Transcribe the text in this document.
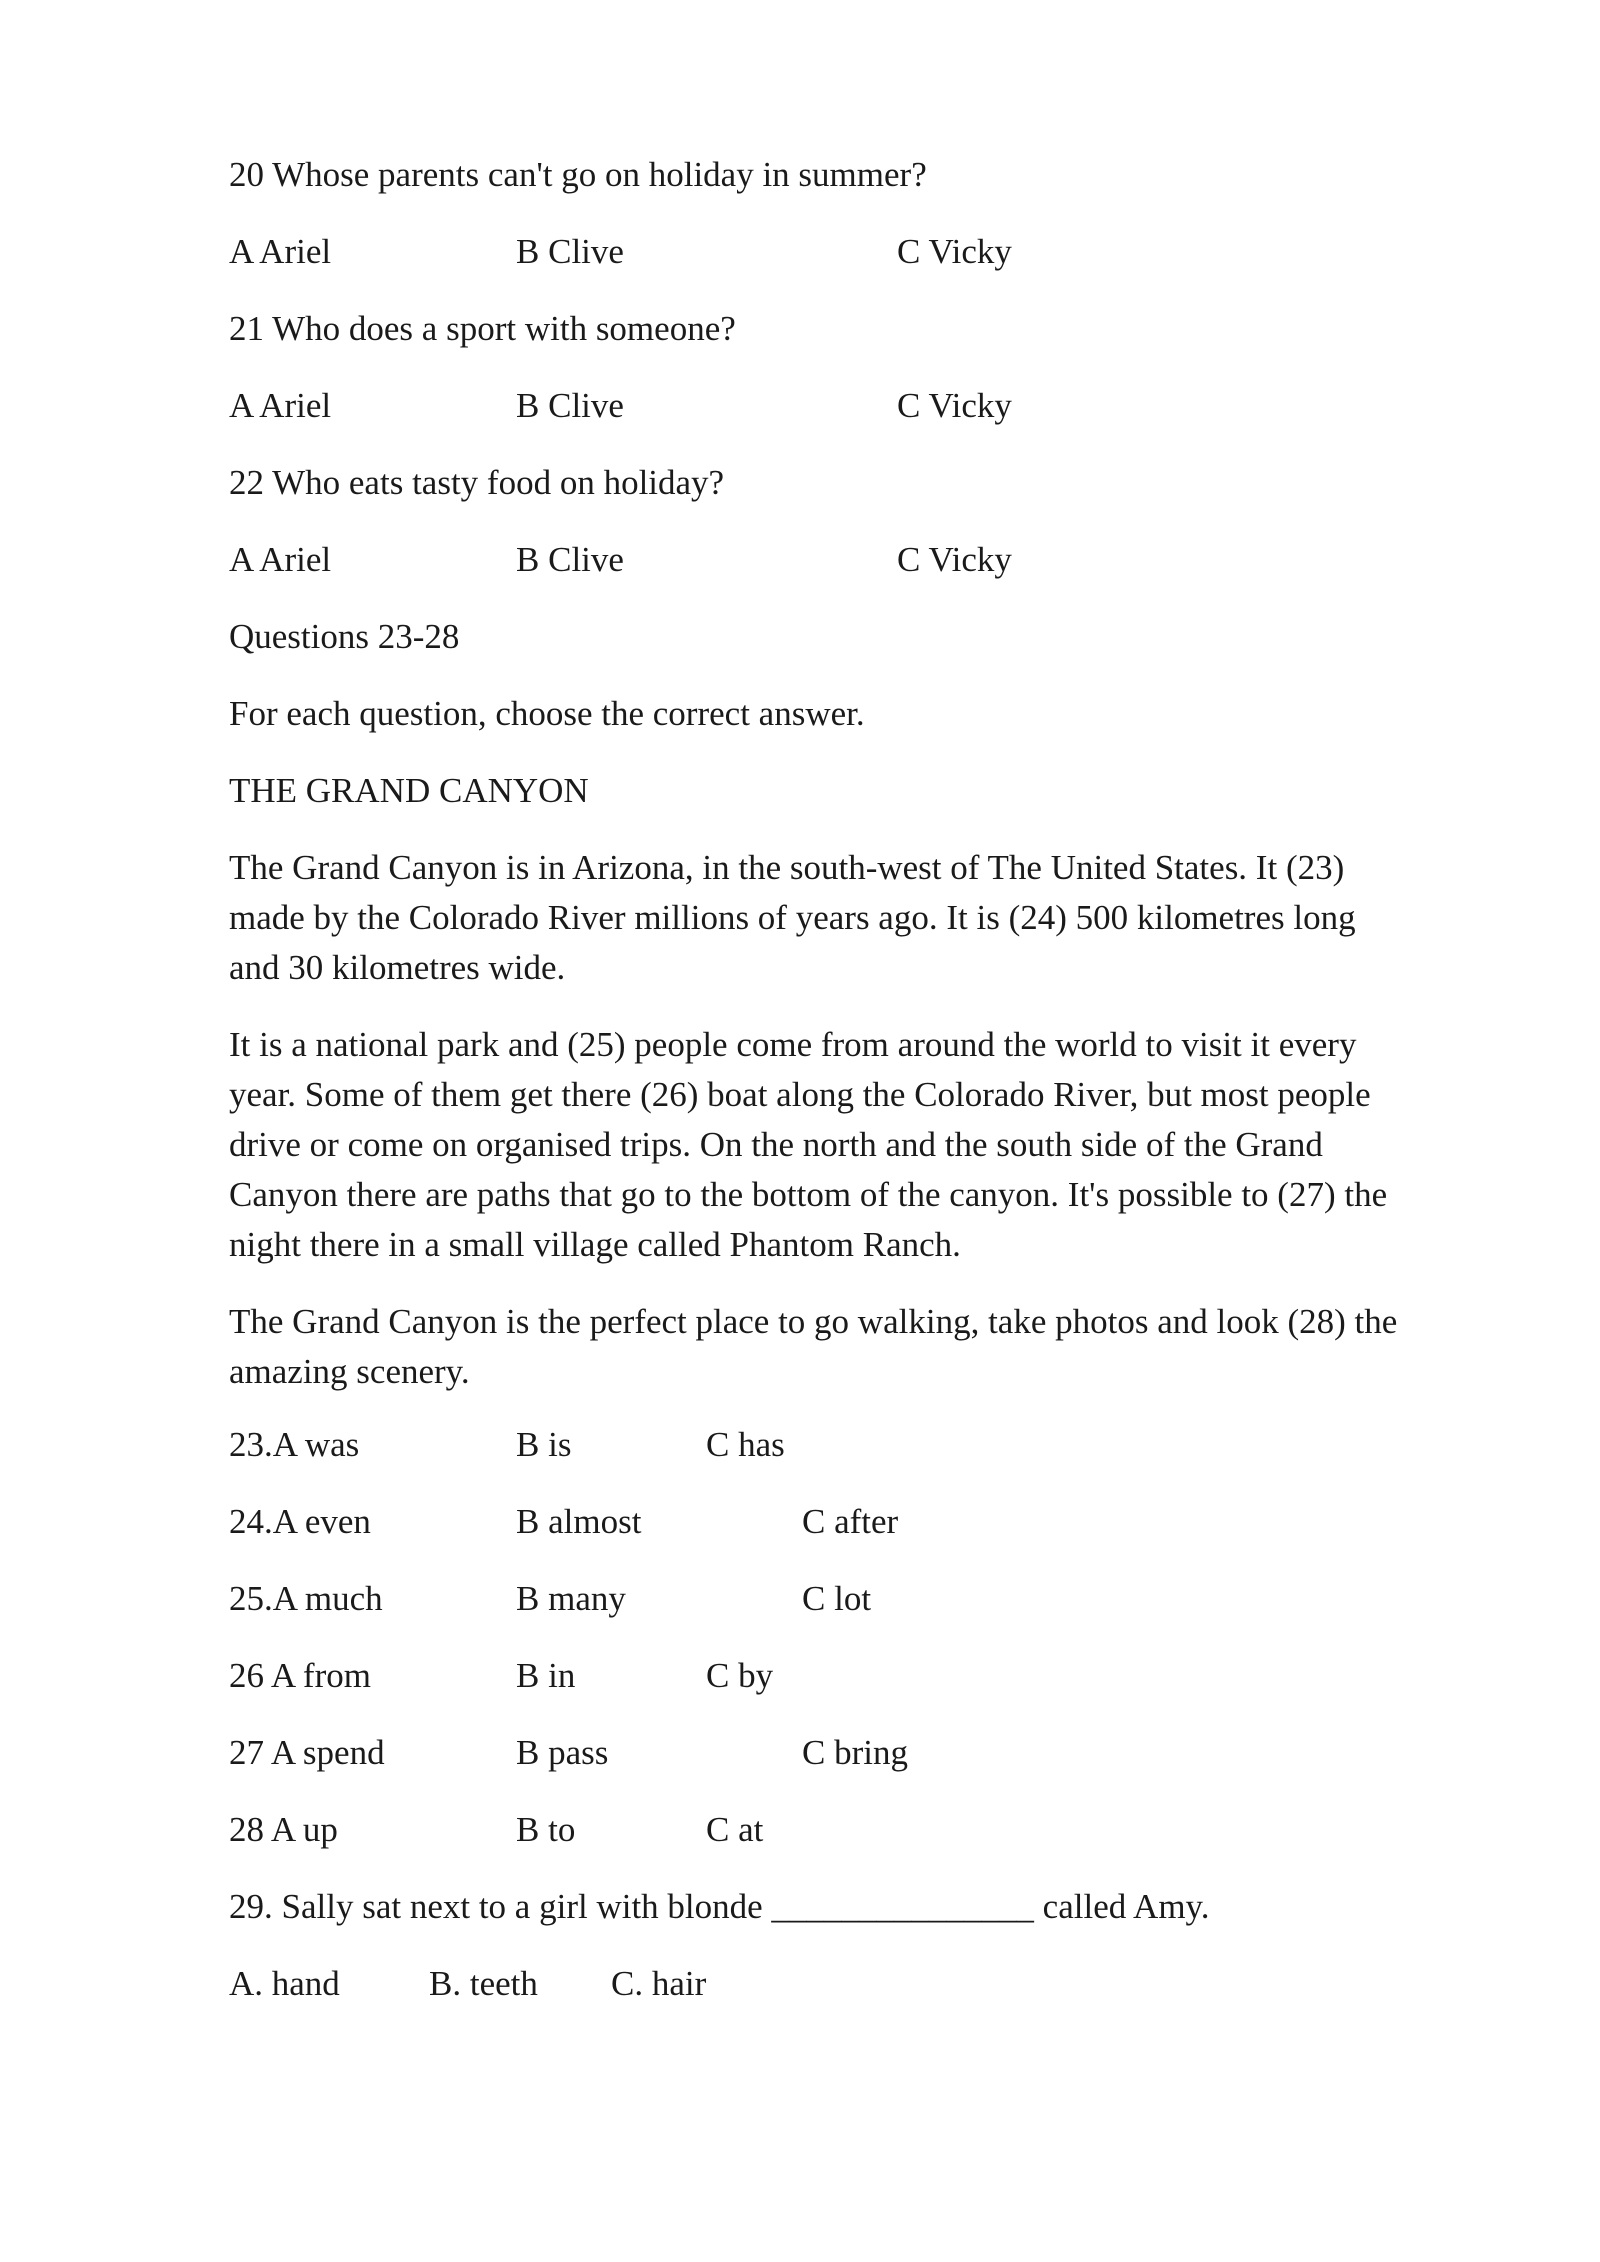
20 Whose parents can't go on holiday in summer?
A Ariel	B Clive	C Vicky
21 Who does a sport with someone?
A Ariel	B Clive	C Vicky
22 Who eats tasty food on holiday?
A Ariel	B Clive	C Vicky
Questions 23-28
For each question, choose the correct answer.
THE GRAND CANYON
The Grand Canyon is in Arizona, in the south-west of The United States. It (23)
made by the Colorado River millions of years ago. It is (24) 500 kilometres long
and 30 kilometres wide.
It is a national park and (25) people come from around the world to visit it every
year. Some of them get there (26) boat along the Colorado River, but most people
drive or come on organised trips. On the north and the south side of the Grand
Canyon there are paths that go to the bottom of the canyon. It's possible to (27) the
night there in a small village called Phantom Ranch.
The Grand Canyon is the perfect place to go walking, take photos and look (28) the
amazing scenery.
23.A was	B is	C has
24.A even	B almost	C after
25.A much	B many	C lot
26 A from	B in	C by
27 A spend	B pass	C bring
28 A up	B to	C at
29. Sally sat next to a girl with blonde _______________ called Amy.
A. hand	B. teeth C. hair
